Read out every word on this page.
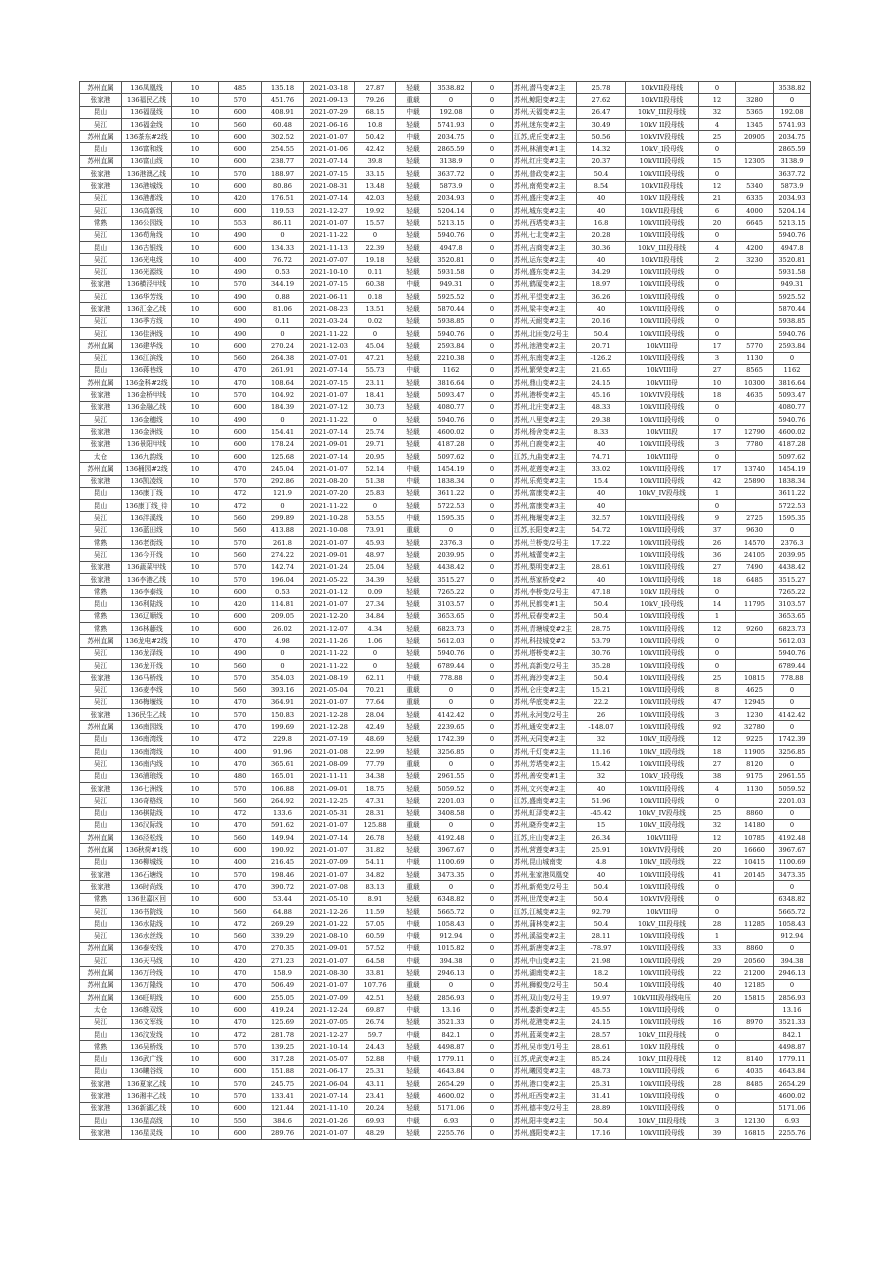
苏州直属	136凤凰线	10	485	135.18	2021-03-18	27.87	轻载	3538.82	0	苏州,潜马变#2主	25.78	10kVII段母线	0		3538.82
张家港	136福民乙线	10	570	451.76	2021-09-13	79.26	重载	0	0	苏州,鲸阳变#2主	27.62	10kVII段母线	12	3280	0
昆山	136福晟线	10	600	408.91	2021-07-29	68.15	中载	192.08	0	苏州,天福变#2主	26.47	10kV_III段母线	32	5365	192.08
吴江	136福金线	10	560	60.48	2021-06-16	10.8	轻载	5741.93	0	苏州,迷东变#2主	30.49	10kV II段母线	4	1345	5741.93
苏州直属	136茶东#2线	10	600	302.52	2021-01-07	50.42	中载	2034.75	0	江苏,虎丘变#2主	50.56	10kVIV段母线	25	20905	2034.75
昆山	136富和线	10	600	254.55	2021-01-06	42.42	轻载	2865.59	0	苏州,林浦变#1主	14.32	10kV_I段母线	0		2865.59
苏州直属	136富山线	10	600	238.77	2021-07-14	39.8	轻载	3138.9	0	苏州,红庄变#2主	20.37	10kVIII段母线	15	12305	3138.9
张家港	136港澳乙线	10	570	188.97	2021-07-15	33.15	轻载	3637.72	0	苏州,普政变#2主	50.4	10kVIII段母线	0		3637.72
张家港	136港城线	10	600	80.86	2021-08-31	13.48	轻载	5873.9	0	苏州,南苑变#2主	8.54	10kVII段母线	12	5340	5873.9
吴江	136港都线	10	420	176.51	2021-07-14	42.03	轻载	2034.93	0	苏州,盛庄变#2主	40	10kV II段母线	21	6335	2034.93
吴江	136高新线	10	600	119.53	2021-12-27	19.92	轻载	5204.14	0	苏州,城东变#2主	40	10kVII段母线	6	4000	5204.14
常熟	136公园线	10	553	86.11	2021-01-07	15.57	轻载	5213.15	0	苏州,西塔变#3主	16.8	10kVIII段母线	20	6645	5213.15
吴江	136苟角线	10	490	0	2021-11-22	0	轻载	5940.76	0	苏州,七北变#2主	20.28	10kVIII段母线	0		5940.76
昆山	136古银线	10	600	134.33	2021-11-13	22.39	轻载	4947.8	0	苏州,吉商变#2主	30.36	10kV_III段母线	4	4200	4947.8
吴江	136光电线	10	400	76.72	2021-07-07	19.18	轻载	3520.81	0	苏州,运东变#2主	40	10kVII段母线	2	3230	3520.81
吴江	136光源线	10	490	0.53	2021-10-10	0.11	轻载	5931.58	0	苏州,盛东变#2主	34.29	10kVIII段母线	0		5931.58
张家港	136横泾甲线	10	570	344.19	2021-07-15	60.38	中载	949.31	0	苏州,鹤厦变#2主	18.97	10kVIII段母线	0		949.31
吴江	136华芳线	10	490	0.88	2021-06-11	0.18	轻载	5925.52	0	苏州,平望变#2主	36.26	10kVIII段母线	0		5925.52
张家港	136汇金乙线	10	600	81.06	2021-08-23	13.51	轻载	5870.44	0	苏州,梁丰变#2主	40	10kVIII段母线	0		5870.44
吴江	136季方线	10	490	0.11	2021-03-24	0.02	轻载	5938.85	0	苏州,天耐变#2主	20.16	10kVIII段母线	0		5938.85
吴江	136佳洲线	10	490	0	2021-11-22	0	轻载	5940.76	0	苏州,北匝变/2号主	50.4	10kVIII段母线	0		5940.76
苏州直属	136建华线	10	600	270.24	2021-12-03	45.04	轻载	2593.84	0	苏州,池港变#2主	20.71	10kVIII母	17	5770	2593.84
吴江	136江滨线	10	560	264.38	2021-07-01	47.21	轻载	2210.38	0	苏州,东南变#2主	-126.2	10kVIII段母线	3	1130	0
昆山	136蒋巷线	10	470	261.91	2021-07-14	55.73	中载	1162	0	苏州,繁荣变#2主	21.65	10kVIII母	27	8565	1162
苏州直属	136金科#2线	10	470	108.64	2021-07-15	23.11	轻载	3816.64	0	苏州,鼎山变#2主	24.15	10kVIII母	10	10300	3816.64
张家港	136金桥甲线	10	570	104.92	2021-01-07	18.41	轻载	5093.47	0	苏州,港桥变#2主	45.16	10kVIV段母线	18	4635	5093.47
张家港	136金融乙线	10	600	184.39	2021-07-12	30.73	轻载	4080.77	0	苏州,北庄变#2主	48.33	10kVIII段母线	0		4080.77
吴江	136金穗线	10	490	0	2021-11-22	0	轻载	5940.76	0	苏州,八里变#2主	29.38	10kVIII段母线	0		5940.76
张家港	136金洲线	10	600	154.41	2021-07-14	25.74	轻载	4600.02	0	苏州,杨舍变#2主	8.33	10kVIII段	17	12790	4600.02
张家港	136景阳甲线	10	600	178.24	2021-09-01	29.71	轻载	4187.28	0	苏州,白鹿变#2主	40	10kVIII段母线	3	7780	4187.28
太仓	136九韵线	10	600	125.68	2021-07-14	20.95	轻载	5097.62	0	江苏,九曲变#2主	74.71	10kVIII母	0		5097.62
苏州直属	136桶园#2线	10	470	245.04	2021-01-07	52.14	中载	1454.19	0	苏州,花莲变#2主	33.02	10kVIII段母线	17	13740	1454.19
张家港	136凯凌线	10	570	292.86	2021-08-20	51.38	中载	1838.34	0	苏州,乐苑变#2主	15.4	10kVIII段母线	42	25890	1838.34
昆山	136康丁线	10	472	121.9	2021-07-20	25.83	轻载	3611.22	0	苏州,富康变#2主	40	10kV_IV段母线	1		3611.22
昆山	136康丁线_待	10	472	0	2021-11-22	0	轻载	5722.53	0	苏州,富康变#3主	40		0		5722.53
吴江	136泮溪线	10	560	299.89	2021-10-28	53.55	中载	1595.35	0	苏州,梅堰变#2主	32.57	10kVIII段母线	9	2725	1595.35
吴江	136蓝田线	10	560	413.88	2021-10-08	73.91	重载	0	0	江苏,长阳变#2主	54.72	10kVIII段母线	37	9630	0
常熟	136老街线	10	570	261.8	2021-01-07	45.93	轻载	2376.3	0	苏州,兰桥变/2号主	17.22	10kVIII段母线	26	14570	2376.3
吴江	136今开线	10	560	274.22	2021-09-01	48.97	轻载	2039.95	0	苏州,城蕾变#2主		10kVIII段母线	36	24105	2039.95
张家港	136蔬菜甲线	10	570	142.74	2021-01-24	25.04	轻载	4438.42	0	苏州,梨明变#2主	28.61	10kVIII段母线	27	7490	4438.42
张家港	136李港乙线	10	570	196.04	2021-05-22	34.39	轻载	3515.27	0	苏州,蔡家桥变#2	40	10kVIII段母线	18	6485	3515.27
常熟	136李泰线	10	600	0.53	2021-01-12	0.09	轻载	7265.22	0	苏州,李桥变/2号主	47.18	10kV II段母线	0		7265.22
昆山	136利陆线	10	420	114.81	2021-01-07	27.34	轻载	3103.57	0	苏州,民都变#1主	50.4	10kV_I段母线	14	11795	3103.57
常熟	136辽顺线	10	600	209.05	2021-12-20	34.84	轻载	3653.65	0	苏州,辰春变#2主	50.4	10kVIII段母线	1		3653.65
常熟	136林藤线	10	600	26.02	2021-12-07	4.34	轻载	6823.73	0	苏州,青塘城变#2主	28.75	10kVIII段母线	12	9260	6823.73
苏州直属	136龙电#2线	10	470	4.98	2021-11-26	1.06	轻载	5612.03	0	苏州,科技城变#2	53.79	10kVIII段母线	0		5612.03
吴江	136龙泽线	10	490	0	2021-11-22	0	轻载	5940.76	0	苏州,塔桥变#2主	30.76	10kVIII段母线	0		5940.76
吴江	136龙开线	10	560	0	2021-11-22	0	轻载	6789.44	0	苏州,高新变/2号主	35.28	10kVIII段母线	0		6789.44
张家港	136马桥线	10	570	354.03	2021-08-19	62.11	中载	778.88	0	苏州,海沙变#2主	50.4	10kVIII段母线	25	10815	778.88
吴江	136麦李线	10	560	393.16	2021-05-04	70.21	重载	0	0	苏州,仑庄变#2主	15.21	10kVIII段母线	8	4625	0
吴江	136梅堰线	10	470	364.91	2021-01-07	77.64	重载	0	0	苏州,华底变#2主	22.2	10kVIII段母线	47	12945	0
张家港	136民生乙线	10	570	150.83	2021-12-28	28.04	轻载	4142.42	0	苏州,永河变/2号主	26	10kVIII段母线	3	1230	4142.42
苏州直属	136南园线	10	470	199.69	2021-12-28	42.49	轻载	2239.65	0	苏州,通安变#2主	-148.07	10kVIII段母线	92	32780	0
昆山	136南湾线	10	472	229.8	2021-07-19	48.69	轻载	1742.39	0	苏州,天同变#2主	32	10kV_II段母线	12	9225	1742.39
昆山	136南湾线	10	400	91.96	2021-01-08	22.99	轻载	3256.85	0	苏州,千灯变#2主	11.16	10kV_II段母线	18	11905	3256.85
吴江	136南内线	10	470	365.61	2021-08-09	77.79	重载	0	0	苏州,芳塔变#2主	15.42	10kVIII段母线	27	8120	0
昆山	136浦琅线	10	480	165.01	2021-11-11	34.38	轻载	2961.55	0	苏州,善安变#1主	32	10kV_I段母线	38	9175	2961.55
张家港	136七洲线	10	570	106.88	2021-09-01	18.75	轻载	5059.52	0	苏州,文兴变#2主	40	10kVIII段母线	4	1130	5059.52
吴江	136奇格线	10	560	264.92	2021-12-25	47.31	轻载	2201.03	0	江苏,盛南变#2主	51.96	10kVIII段母线	0		2201.03
昆山	136棋陆线	10	472	133.6	2021-05-31	28.31	轻载	3408.58	0	苏州,虹泽变#2主	-45.42	10kV_IV段母线	25	8860	0
昆山	136汉际线	10	470	591.62	2021-01-07	125.88	重载	0	0	苏州,晓乔变#2主	15	10kV_II段母线	32	14180	0
苏州直属	136泾松线	10	560	149.94	2021-07-14	26.78	轻载	4192.48	0	江苏,庄山变#2主	26.34	10kVIII母	12	10785	4192.48
苏州直属	136秋荷#1线	10	600	190.92	2021-01-07	31.82	轻载	3967.67	0	苏州,营莲变#3主	25.91	10kVIV段母线	20	16660	3967.67
昆山	136柳城线	10	400	216.45	2021-07-09	54.11	中载	1100.69	0	苏州,昆山城南变	4.8	10kV_II段母线	22	10415	1100.69
张家港	136石塘线	10	570	198.46	2021-01-07	34.82	轻载	3473.35	0	苏州,张家港凤凰变	40	10kVIII段母线	41	20145	3473.35
张家港	136时尚线	10	470	390.72	2021-07-08	83.13	重载	0	0	苏州,新苑变/2号主	50.4	10kVIII段母线	0		0
常熟	136世嘉区回	10	600	53.44	2021-05-10	8.91	轻载	6348.82	0	苏州,世茂变#2主	50.4	10kVIV段母线	0		6348.82
吴江	136书院线	10	560	64.88	2021-12-26	11.59	轻载	5665.72	0	江苏,江城变#2主	92.79	10kVIII母	0		5665.72
昆山	136水陆线	10	472	269.29	2021-01-22	57.05	中载	1058.43	0	苏州,蒲林变#2主	50.4	10kV_III段母线	28	11285	1058.43
吴江	136水丝线	10	560	339.29	2021-08-10	60.59	中载	912.94	0	苏州,溪溢变#2主	28.11	10kVIII段母线	1		912.94
苏州直属	136泰安线	10	470	270.35	2021-09-01	57.52	中载	1015.82	0	苏州,新唐变#2主	-78.97	10kVIII段母线	33	8860	0
吴江	136天马线	10	420	271.23	2021-01-07	64.58	中载	394.38	0	苏州,中山变#2主	21.98	10kVIII段母线	29	20560	394.38
苏州直属	136万玲线	10	470	158.9	2021-08-30	33.81	轻载	2946.13	0	苏州,湖南变#2主	18.2	10kVIII段母线	22	21200	2946.13
苏州直属	136万隆线	10	470	506.49	2021-01-07	107.76	重载	0	0	苏州,狮毅变/2号主	50.4	10kVIII段母线	40	12185	0
苏州直属	136旺明线	10	600	255.05	2021-07-09	42.51	轻载	2856.93	0	苏州,双山变/2号主	19.97	10kVIII段母线电压	20	15815	2856.93
太仓	136维双线	10	600	419.24	2021-12-24	69.87	中载	13.16	0	苏州,娄新变#2主	45.55	10kVIII段母线	0		13.16
吴江	136文军线	10	470	125.69	2021-07-05	26.74	轻载	3521.33	0	苏州,花港变#2主	24.15	10kVIII段母线	16	8970	3521.33
昆山	136汶发线	10	472	281.78	2021-12-27	59.7	中载	842.1	0	苏州,蓝莱变#2主	28.57	10kV_III段母线	0		842.1
常熟	136吴桥线	10	570	139.25	2021-10-14	24.43	轻载	4498.87	0	苏州,吴市变/1号主	28.61	10kV II段母线	0		4498.87
昆山	136武广线	10	600	317.28	2021-05-07	52.88	中载	1779.11	0	江苏,虎武变#2主	85.24	10kV_III段母线	12	8140	1779.11
昆山	136曦谷线	10	600	151.88	2021-06-17	25.31	轻载	4643.84	0	苏州,曦园变#2主	48.73	10kVIII段母线	6	4035	4643.84
张家港	136夏家乙线	10	570	245.75	2021-06-04	43.11	轻载	2654.29	0	苏州,港口变#2主	25.31	10kVIII段母线	28	8485	2654.29
张家港	136湘丰乙线	10	570	133.41	2021-07-14	23.41	轻载	4600.02	0	苏州,旺西变#2主	31.41	10kVIII段母线	0		4600.02
张家港	136新湖乙线	10	600	121.44	2021-11-10	20.24	轻载	5171.06	0	苏州,德丰变/2号主	28.89	10kVIII段母线	0		5171.06
昆山	136星高线	10	550	384.6	2021-01-26	69.93	中载	6.93	0	苏州,阳丰变#2主	50.4	10kV_III段母线	3	12130	6.93
张家港	136星灵线	10	600	289.76	2021-01-07	48.29	轻载	2255.76	0	苏州,盛阳变#2主	17.16	10kVIII段母线	39	16815	2255.76
